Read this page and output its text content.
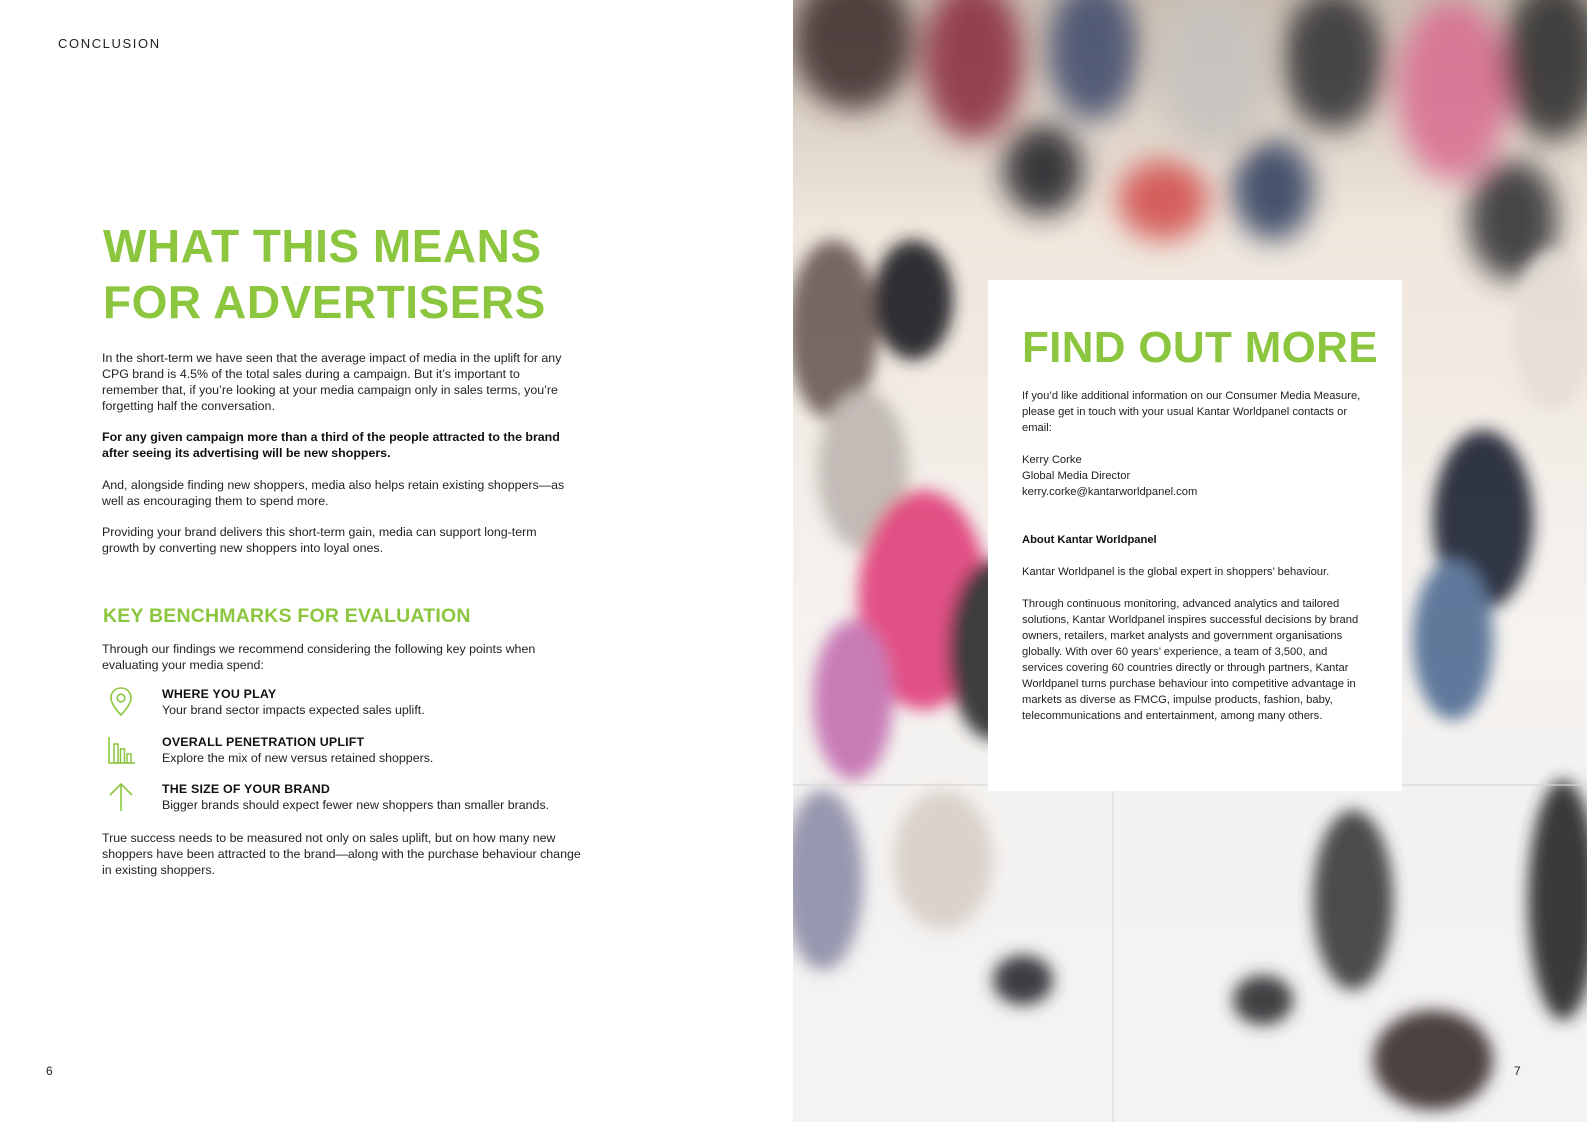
CONCLUSION
WHAT THIS MEANS
FOR ADVERTISERS

In the short-term we have seen that the average impact of media in the uplift for any CPG brand is 4.5% of the total sales during a campaign. But it’s important to remember that, if you’re looking at your media campaign only in sales terms, you’re forgetting half the conversation.

For any given campaign more than a third of the people attracted to the brand after seeing its advertising will be new shoppers.

And, alongside finding new shoppers, media also helps retain existing shoppers—as well as encouraging them to spend more.

Providing your brand delivers this short-term gain, media can support long-term growth by converting new shoppers into loyal ones.

KEY BENCHMARKS FOR EVALUATION

Through our findings we recommend considering the following key points when evaluating your media spend:

WHERE YOU PLAY
Your brand sector impacts expected sales uplift.
OVERALL PENETRATION UPLIFT
Explore the mix of new versus retained shoppers.
THE SIZE OF YOUR BRAND
Bigger brands should expect fewer new shoppers than smaller brands.

True success needs to be measured not only on sales uplift, but on how many new shoppers have been attracted to the brand—along with the purchase behaviour change in existing shoppers.

6
FIND OUT MORE

If you’d like additional information on our Consumer Media Measure, please get in touch with your usual Kantar Worldpanel contacts or email:

Kerry Corke

Global Media Director

kerry.corke@kantarworldpanel.com

About Kantar Worldpanel

Kantar Worldpanel is the global expert in shoppers’ behaviour.

Through continuous monitoring, advanced analytics and tailored solutions, Kantar Worldpanel inspires successful decisions by brand owners, retailers, market analysts and government organisations globally. With over 60 years’ experience, a team of 3,500, and services covering 60 countries directly or through partners, Kantar Worldpanel turns purchase behaviour into competitive advantage in markets as diverse as FMCG, impulse products, fashion, baby, telecommunications and entertainment, among many others.

7
